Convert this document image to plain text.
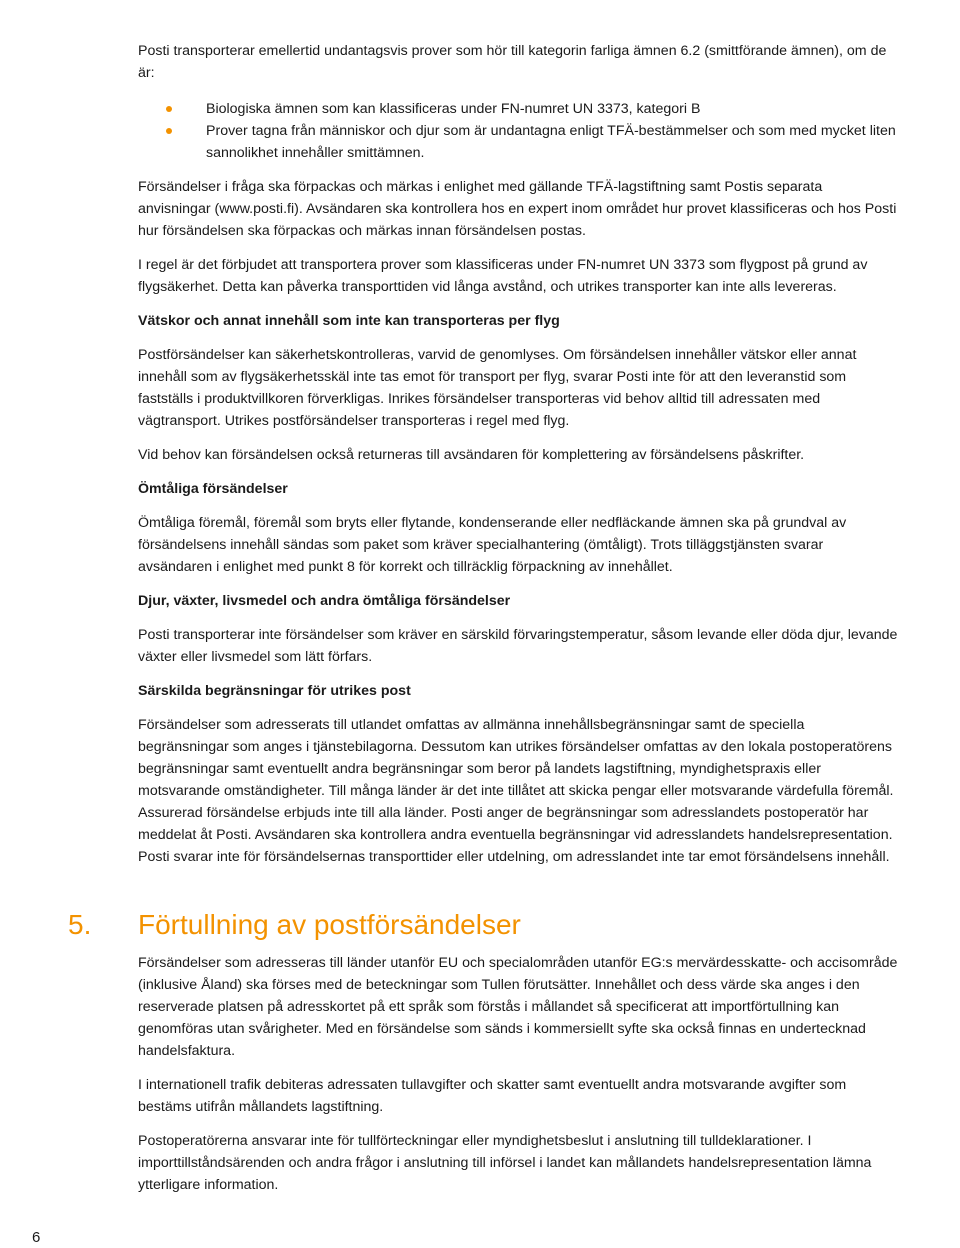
Posti transporterar emellertid undantagsvis prover som hör till kategorin farliga ämnen 6.2 (smittförande ämnen), om de är:

Biologiska ämnen som kan klassificeras under FN-numret UN 3373, kategori B
Prover tagna från människor och djur som är undantagna enligt TFÄ-bestämmelser och som med mycket liten sannolikhet innehåller smittämnen.

Försändelser i fråga ska förpackas och märkas i enlighet med gällande TFÄ-lagstiftning samt Postis separata anvisningar (www.posti.fi). Avsändaren ska kontrollera hos en expert inom området hur provet klassificeras och hos Posti hur försändelsen ska förpackas och märkas innan försändelsen postas.

I regel är det förbjudet att transportera prover som klassificeras under FN-numret UN 3373 som flygpost på grund av flygsäkerhet. Detta kan påverka transporttiden vid långa avstånd, och utrikes transporter kan inte alls levereras.

Vätskor och annat innehåll som inte kan transporteras per flyg

Postförsändelser kan säkerhetskontrolleras, varvid de genomlyses. Om försändelsen innehåller vätskor eller annat innehåll som av flygsäkerhetsskäl inte tas emot för transport per flyg, svarar Posti inte för att den leveranstid som fastställs i produktvillkoren förverkligas. Inrikes försändelser transporteras vid behov alltid till adressaten med vägtransport. Utrikes postförsändelser transporteras i regel med flyg.

Vid behov kan försändelsen också returneras till avsändaren för komplettering av försändelsens påskrifter.

Ömtåliga försändelser

Ömtåliga föremål, föremål som bryts eller flytande, kondenserande eller nedfläckande ämnen ska på grundval av försändelsens innehåll sändas som paket som kräver specialhantering (ömtåligt). Trots tilläggstjänsten svarar avsändaren i enlighet med punkt 8 för korrekt och tillräcklig förpackning av innehållet.

Djur, växter, livsmedel och andra ömtåliga försändelser

Posti transporterar inte försändelser som kräver en särskild förvaringstemperatur, såsom levande eller döda djur, levande växter eller livsmedel som lätt förfars.

Särskilda begränsningar för utrikes post

Försändelser som adresserats till utlandet omfattas av allmänna innehållsbegränsningar samt de speciella begränsningar som anges i tjänstebilagorna. Dessutom kan utrikes försändelser omfattas av den lokala postoperatörens begränsningar samt eventuellt andra begränsningar som beror på landets lagstiftning, myndighetspraxis eller motsvarande omständigheter. Till många länder är det inte tillåtet att skicka pengar eller motsvarande värdefulla föremål. Assurerad försändelse erbjuds inte till alla länder. Posti anger de begränsningar som adresslandets postoperatör har meddelat åt Posti. Avsändaren ska kontrollera andra eventuella begränsningar vid adresslandets handelsrepresentation. Posti svarar inte för försändelsernas transporttider eller utdelning, om adresslandet inte tar emot försändelsens innehåll.

5. Förtullning av postförsändelser

Försändelser som adresseras till länder utanför EU och specialområden utanför EG:s mervärdesskatte- och accisområde (inklusive Åland) ska förses med de beteckningar som Tullen förutsätter. Innehållet och dess värde ska anges i den reserverade platsen på adresskortet på ett språk som förstås i mållandet så specificerat att importförtullning kan genomföras utan svårigheter. Med en försändelse som sänds i kommersiellt syfte ska också finnas en undertecknad handelsfaktura.

I internationell trafik debiteras adressaten tullavgifter och skatter samt eventuellt andra motsvarande avgifter som bestäms utifrån mållandets lagstiftning.

Postoperatörerna ansvarar inte för tullförteckningar eller myndighetsbeslut i anslutning till tulldeklarationer. I importtillståndsärenden och andra frågor i anslutning till införsel i landet kan mållandets handelsrepresentation lämna ytterligare information.

6
